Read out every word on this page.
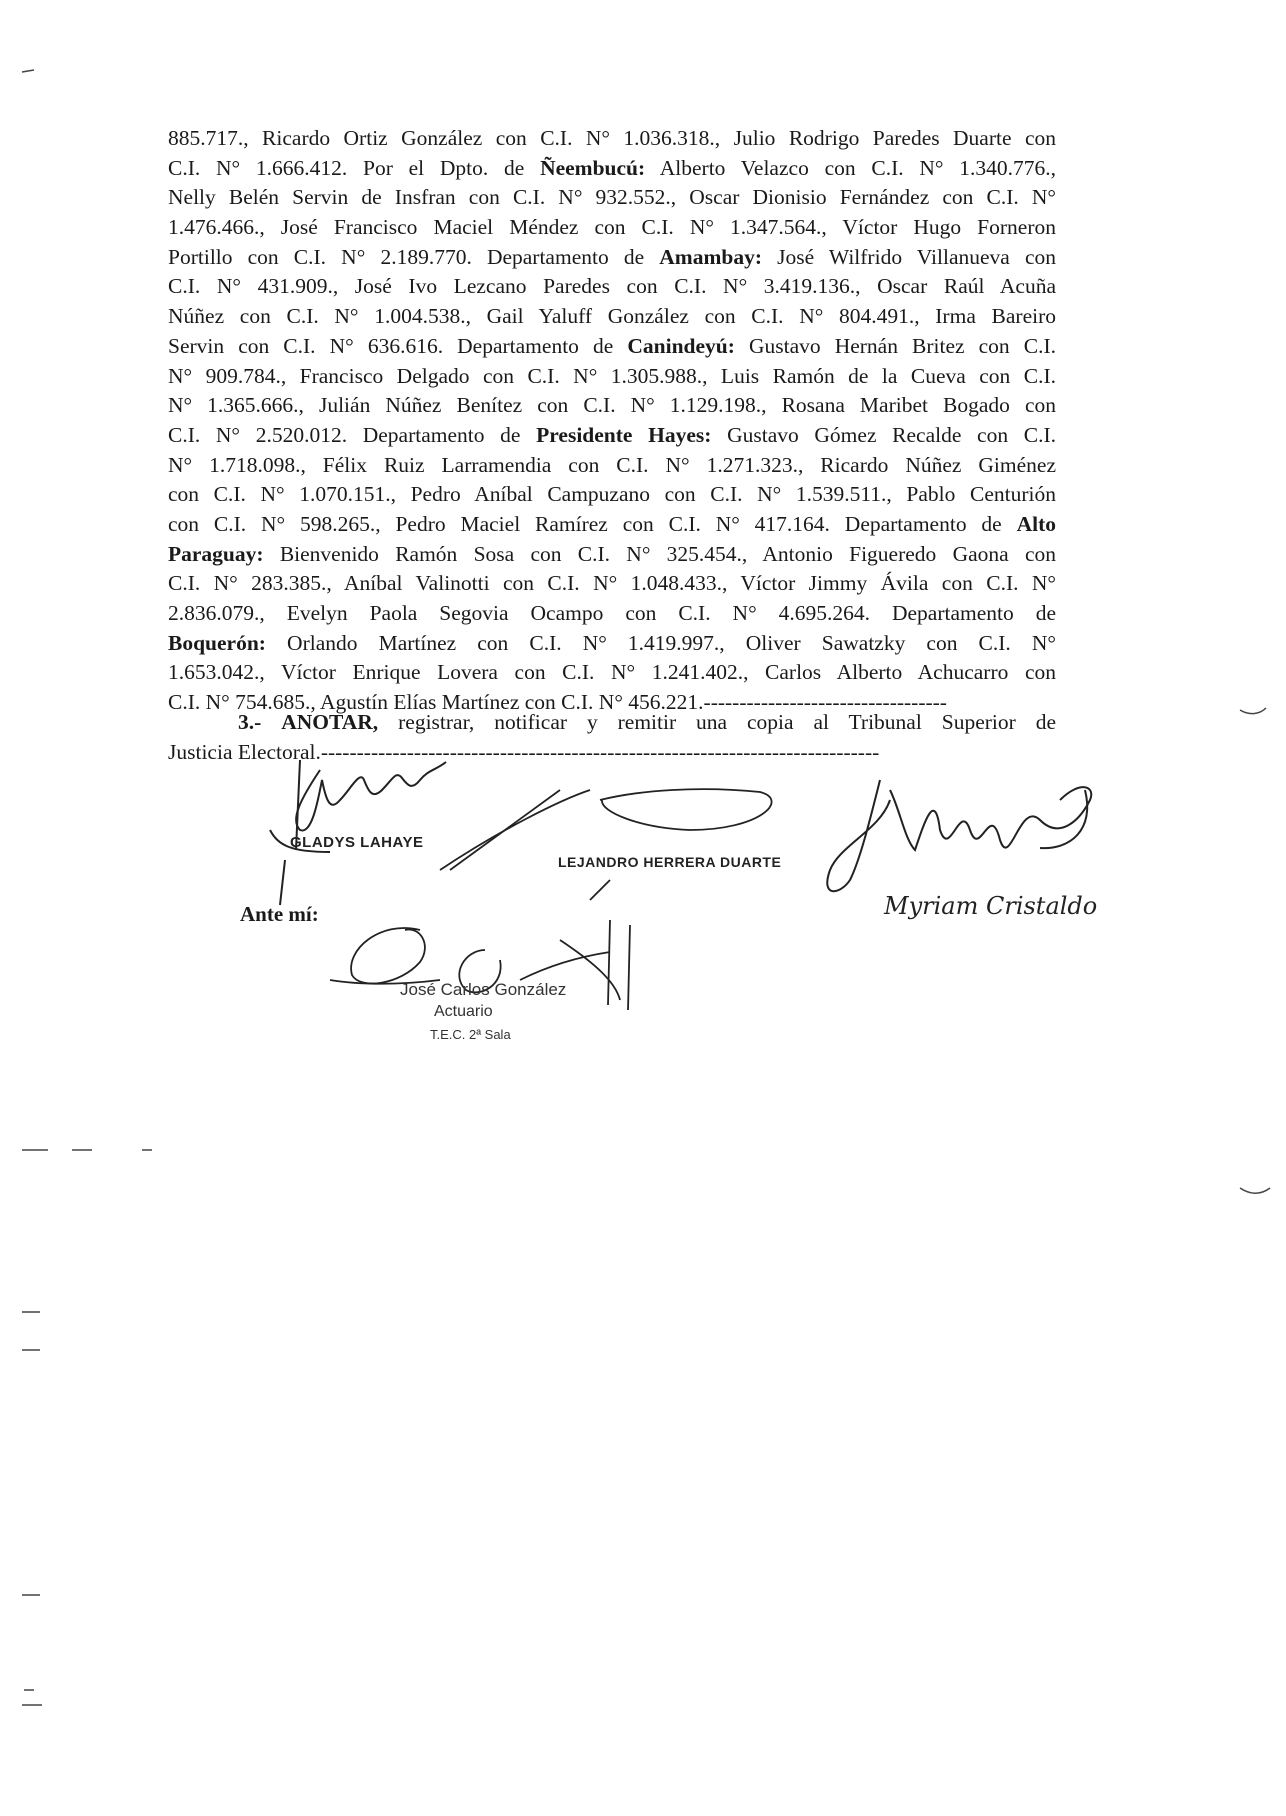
885.717., Ricardo Ortiz González con C.I. N° 1.036.318., Julio Rodrigo Paredes Duarte con
C.I. N° 1.666.412. Por el Dpto. de Ñeembucú: Alberto Velazco con C.I. N° 1.340.776.,
Nelly Belén Servin de Insfran con C.I. N° 932.552., Oscar Dionisio Fernández con C.I. N°
1.476.466., José Francisco Maciel Méndez con C.I. N° 1.347.564., Víctor Hugo Forneron
Portillo con C.I. N° 2.189.770. Departamento de Amambay: José Wilfrido Villanueva con
C.I. N° 431.909., José Ivo Lezcano Paredes con C.I. N° 3.419.136., Oscar Raúl Acuña
Núñez con C.I. N° 1.004.538., Gail Yaluff González con C.I. N° 804.491., Irma Bareiro
Servin con C.I. N° 636.616. Departamento de Canindeyú: Gustavo Hernán Britez con C.I.
N° 909.784., Francisco Delgado con C.I. N° 1.305.988., Luis Ramón de la Cueva con C.I.
N° 1.365.666., Julián Núñez Benítez con C.I. N° 1.129.198., Rosana Maribet Bogado con
C.I. N° 2.520.012. Departamento de Presidente Hayes: Gustavo Gómez Recalde con C.I.
N° 1.718.098., Félix Ruiz Larramendia con C.I. N° 1.271.323., Ricardo Núñez Giménez
con C.I. N° 1.070.151., Pedro Aníbal Campuzano con C.I. N° 1.539.511., Pablo Centurión
con C.I. N° 598.265., Pedro Maciel Ramírez con C.I. N° 417.164. Departamento de Alto
Paraguay: Bienvenido Ramón Sosa con C.I. N° 325.454., Antonio Figueredo Gaona con
C.I. N° 283.385., Aníbal Valinotti con C.I. N° 1.048.433., Víctor Jimmy Ávila con C.I. N°
2.836.079., Evelyn Paola Segovia Ocampo con C.I. N° 4.695.264. Departamento de
Boquerón: Orlando Martínez con C.I. N° 1.419.997., Oliver Sawatzky con C.I. N°
1.653.042., Víctor Enrique Lovera con C.I. N° 1.241.402., Carlos Alberto Achucarro con
C.I. N° 754.685., Agustín Elías Martínez con C.I. N° 456.221.----------------------------------
3.- ANOTAR, registrar, notificar y remitir una copia al Tribunal Superior de
Justicia Electoral.------------------------------------------------------------------------------
GLADYS LAHAYE
LEJANDRO HERRERA DUARTE
Myriam Cristaldo
Ante mí:
José Carlos González
Actuario
T.E.C. 2ª Sala
